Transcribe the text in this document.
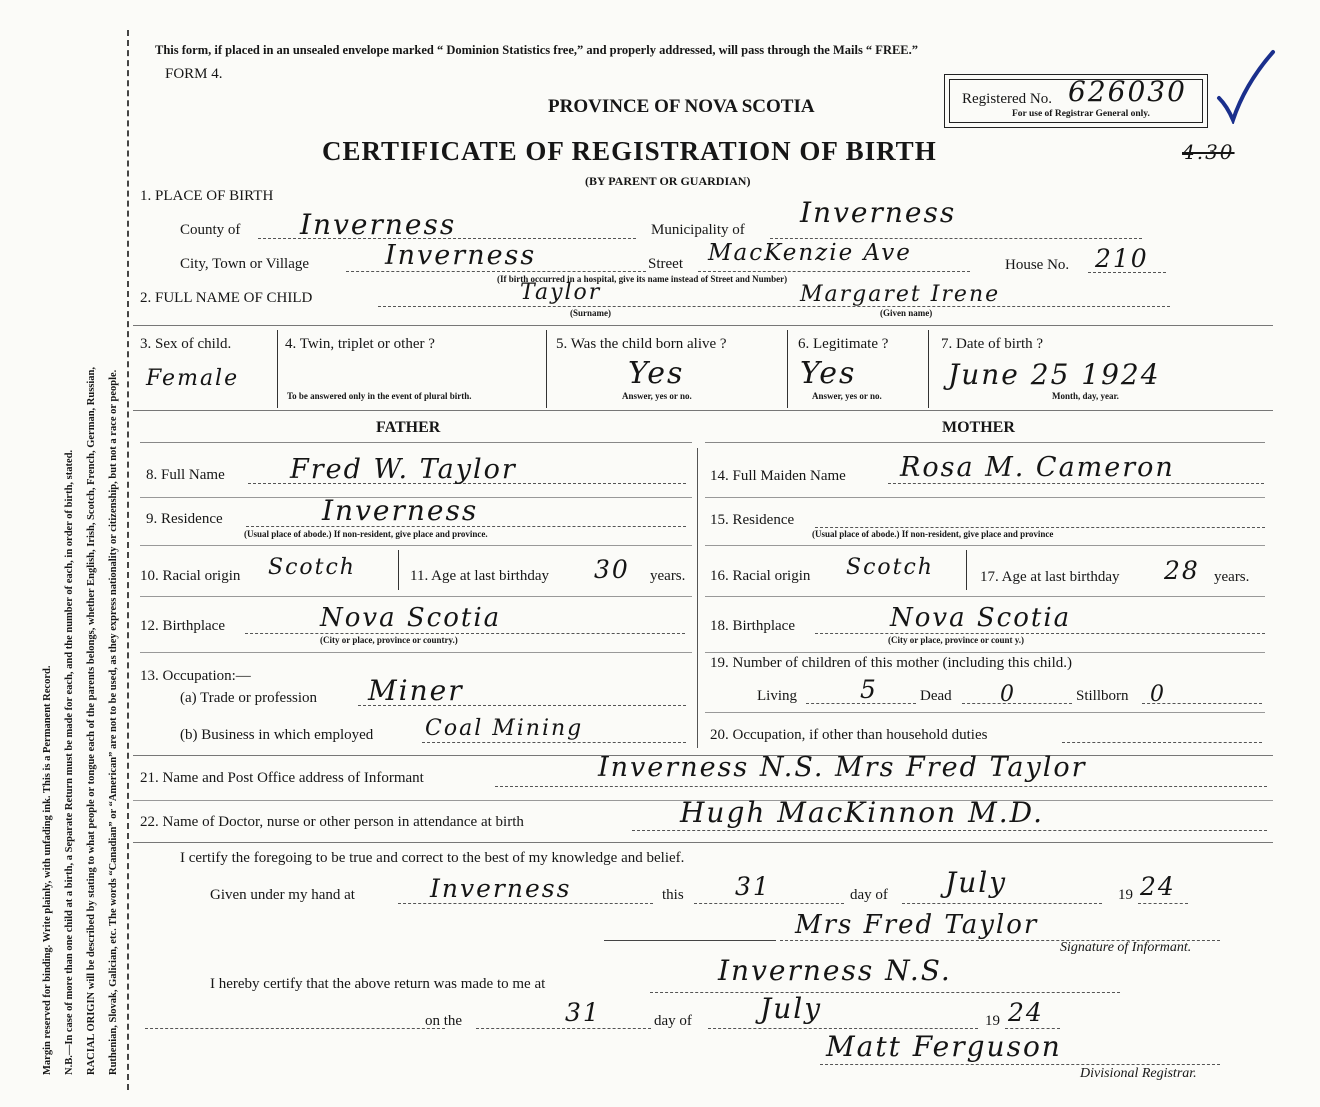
Margin reserved for binding. Write plainly, with unfading ink. This is a Permanent Record. N.B.—In case of more than one child at a birth, a Separate Return must be made for each, and the number of each, in order of birth, stated. RACIAL ORIGIN will be described by stating to what people or tongue each of the parents belongs, whether English, Irish, Scotch, French, German, Russian, Ruthenian, Slovak, Galician, etc. The words “Canadian” or “American” are not to be used, as they express nationality or citizenship, but not a race or people.
This form, if placed in an unsealed envelope marked “ Dominion Statistics free,” and properly addressed, will pass through the Mails “ FREE.”
FORM 4.
PROVINCE OF NOVA SCOTIA
CERTIFICATE OF REGISTRATION OF BIRTH
(BY PARENT OR GUARDIAN)
Registered No. 626030
For use of Registrar General only.
4.30
1. PLACE OF BIRTH
County of Inverness	Municipality of
Inverness
City, Town or Village	Inverness	Street MacKenzie Ave	House No. 210
(If birth occurred in a hospital, give its name instead of Street and Number)
2. FULL NAME OF CHILD	Taylor
(Surname)
Margaret Irene
(Given name)
3. Sex of child.
Female
4. Twin, triplet or other ?
To be answered only in the event of plural birth.
5. Was the child born alive ?
Yes
Answer, yes or no.
6. Legitimate ?
Yes
Answer, yes or no.
7. Date of birth ?
June 25 1924
Month, day, year.
FATHER	MOTHER
8. Full Name Fred W. Taylor
9. Residence	Inverness
(Usual place of abode.) If non-resident, give place and province.
10. Racial origin Scotch	11. Age at last birthday 30 years.
12. Birthplace	Nova Scotia
(City or place, province or country.)
13. Occupation:—
(a) Trade or profession Miner
(b) Business in which employed Coal Mining
14. Full Maiden Name Rosa M. Cameron
15. Residence
(Usual place of abode.) If non-resident, give place and province
16. Racial origin Scotch	17. Age at last birthday 28 years.
18. Birthplace	Nova Scotia
(City or place, province or count y.)
19. Number of children of this mother (including this child.)
Living	5	Dead 0	Stillborn 0
20. Occupation, if other than household duties
21. Name and Post Office address of Informant	Inverness N.S. Mrs Fred Taylor
22. Name of Doctor, nurse or other person in attendance at birth	Hugh MacKinnon M.D.
I certify the foregoing to be true and correct to the best of my knowledge and belief.
Given under my hand at	Inverness	this 31	day of July	19 24
Mrs Fred Taylor
Signature of Informant.
I hereby certify that the above return was made to me at	Inverness N.S.
on the	31	day of July	19 24
Matt Ferguson
Divisional Registrar.
